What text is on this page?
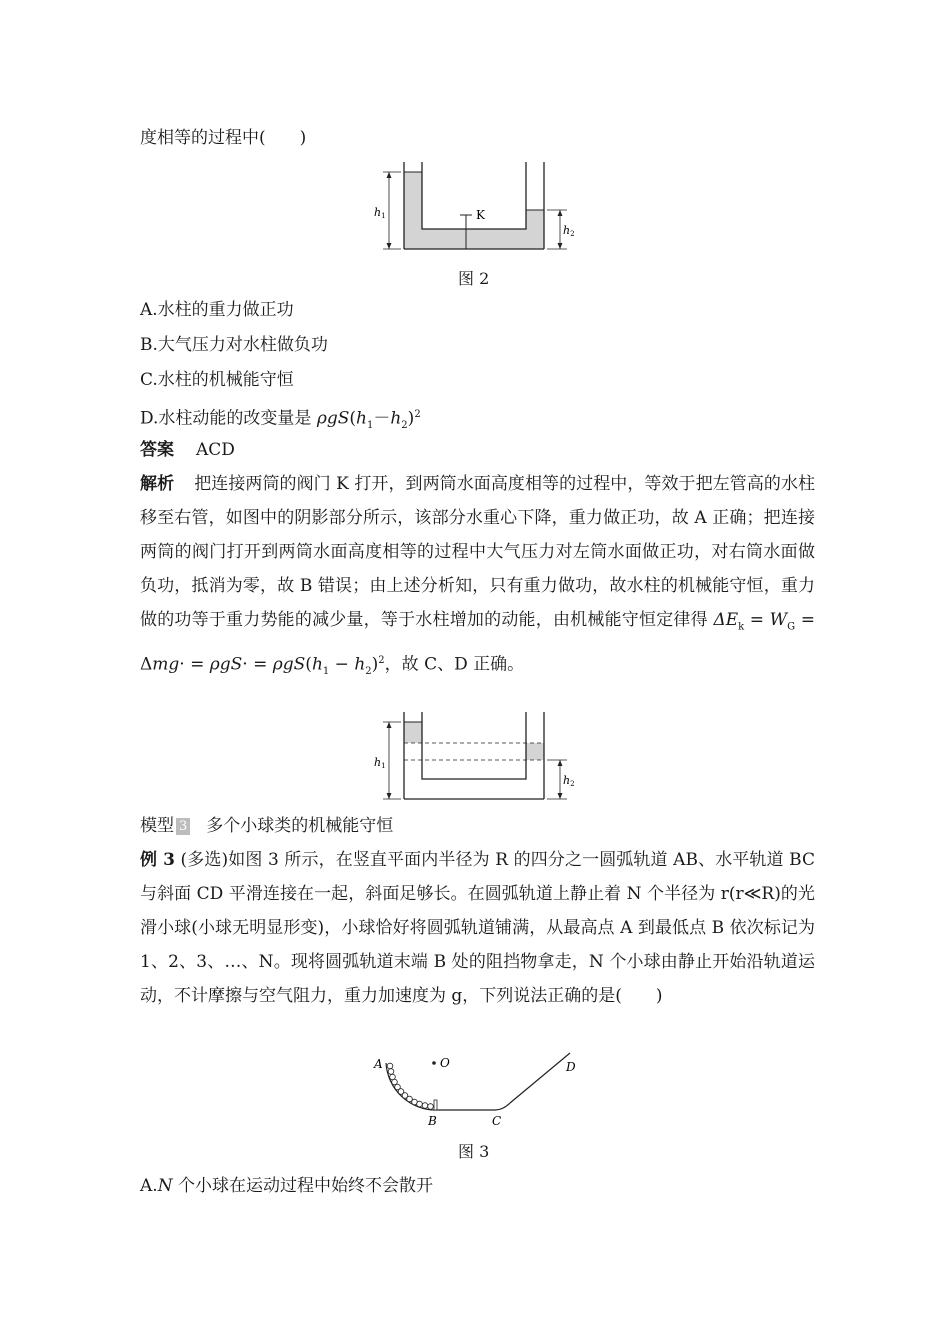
度相等的过程中(　　)
K
h1
h2
图 2
A.水柱的重力做正功
B.大气压力对水柱做负功
C.水柱的机械能守恒
D.水柱动能的改变量是 $\rho gS(h_1-h_2)^2$
答案 ACD
解析 把连接两筒的阀门 K 打开，到两筒水面高度相等的过程中，等效于把左管高的水柱移至右管，如图中的阴影部分所示，该部分水重心下降，重力做正功，故 A 正确；把连接两筒的阀门打开到两筒水面高度相等的过程中大气压力对左筒水面做正功，对右筒水面做负功，抵消为零，故 B 错误；由上述分析知，只有重力做功，故水柱的机械能守恒，重力做的功等于重力势能的减少量，等于水柱增加的动能，由机械能守恒定律得 $\Delta E_k = W_G = \Delta mg\cdot = \rho gS\cdot = \rho gS(h_1 - h_2)^2$，故 C、D 正确。
h1
h2
模型 3 多个小球类的机械能守恒
例 3 (多选)如图 3 所示，在竖直平面内半径为 R 的四分之一圆弧轨道 AB、水平轨道 BC 与斜面 CD 平滑连接在一起，斜面足够长。在圆弧轨道上静止着 N 个半径为 r(r≪R)的光滑小球(小球无明显形变)，小球恰好将圆弧轨道铺满，从最高点 A 到最低点 B 依次标记为 1、2、3、…、N。现将圆弧轨道末端 B 处的阻挡物拿走，N 个小球由静止开始沿轨道运动，不计摩擦与空气阻力，重力加速度为 g，下列说法正确的是(　　)
O
A
B	C
D
图 3
A.N 个小球在运动过程中始终不会散开
